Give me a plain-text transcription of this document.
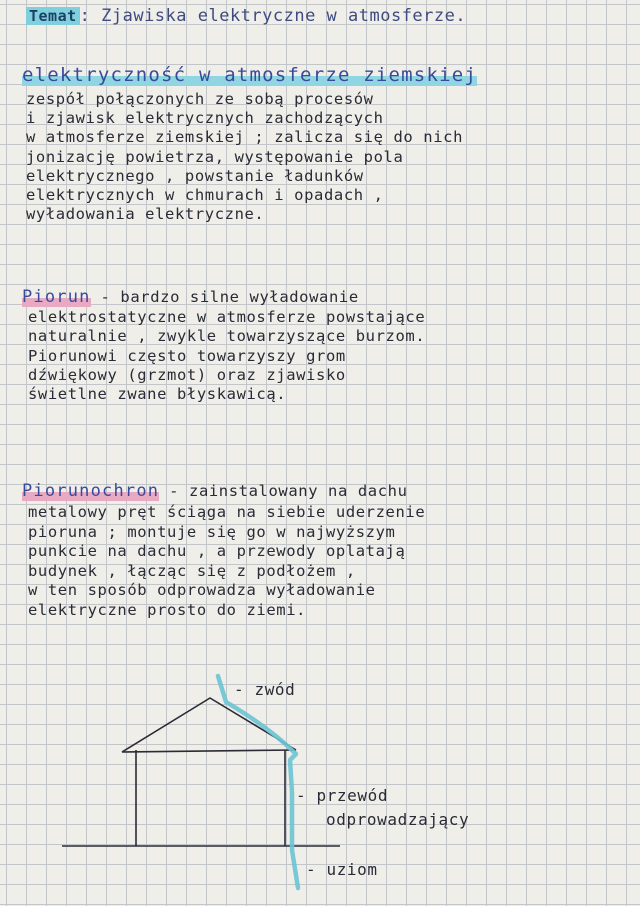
Temat : Zjawiska elektryczne w atmosferze.
elektryczność w atmosferze ziemskiej
zespół połączonych ze sobą procesów
i zjawisk elektrycznych zachodzących
w atmosferze ziemskiej ; zalicza się do nich
jonizację powietrza, występowanie pola
elektrycznego , powstanie ładunków
elektrycznych w chmurach i opadach ,
wyładowania elektryczne.
Piorun - bardzo silne wyładowanie
elektrostatyczne w atmosferze powstające
naturalnie , zwykle towarzyszące burzom.
Piorunowi często towarzyszy grom
dźwiękowy (grzmot) oraz zjawisko
świetlne zwane błyskawicą.
Piorunochron - zainstalowany na dachu
metalowy pręt ściąga na siebie uderzenie
pioruna ; montuje się go w najwyższym
punkcie na dachu , a przewody oplatają
budynek , łącząc się z podłożem ,
w ten sposób odprowadza wyładowanie
elektryczne prosto do ziemi.
- zwód
- przewód
odprowadzający
- uziom
